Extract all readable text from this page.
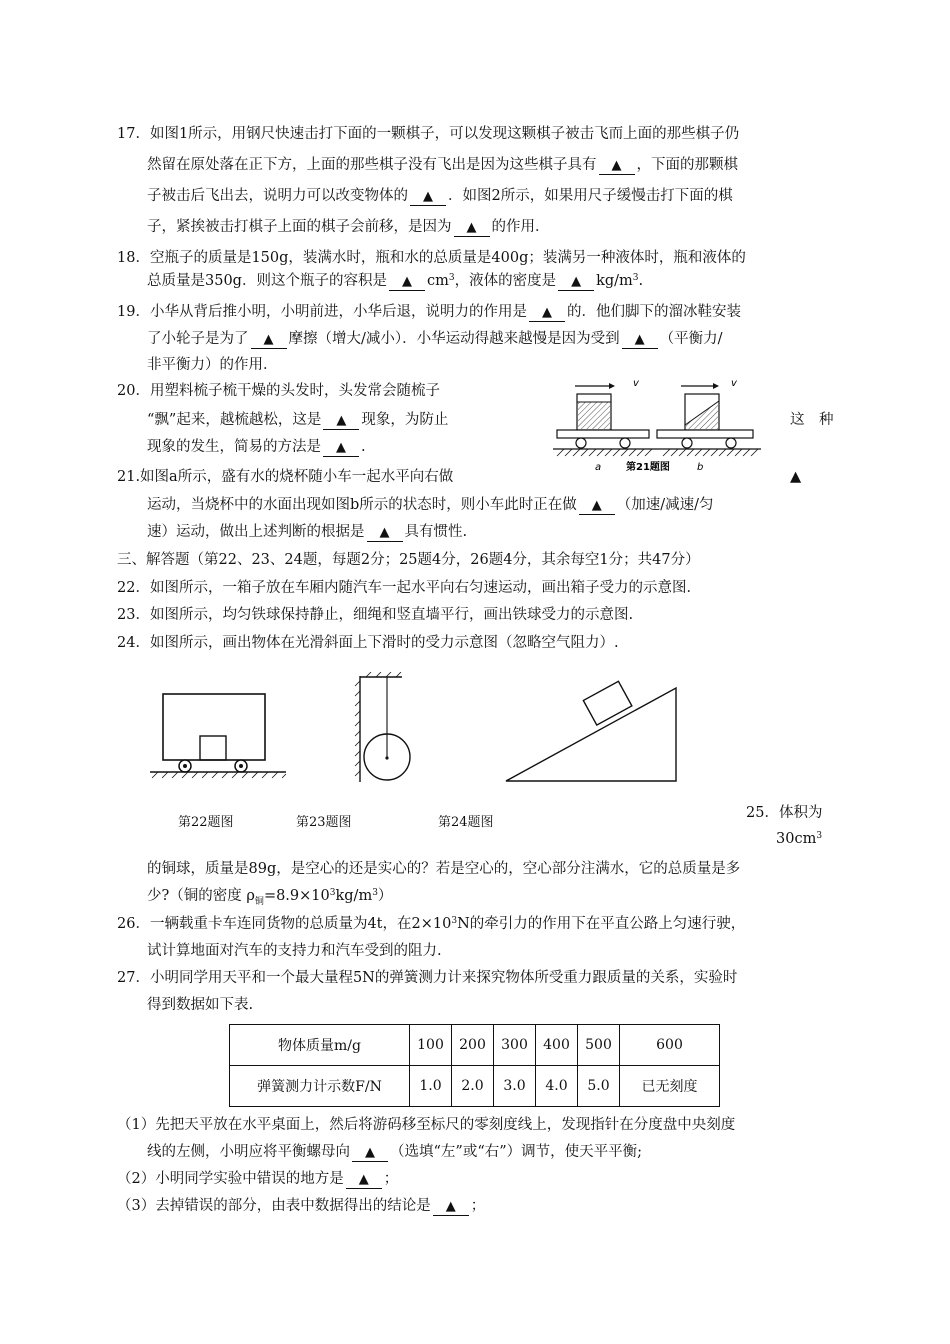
17．如图1所示，用钢尺快速击打下面的一颗棋子，可以发现这颗棋子被击飞而上面的那些棋子仍
然留在原处落在正下方，上面的那些棋子没有飞出是因为这些棋子具有 ▲ ，下面的那颗棋
子被击后飞出去，说明力可以改变物体的 ▲ ．如图2所示，如果用尺子缓慢击打下面的棋
子，紧挨被击打棋子上面的棋子会前移，是因为 ▲ 的作用．
18．空瓶子的质量是150g，装满水时，瓶和水的总质量是400g；装满另一种液体时，瓶和液体的
总质量是350g．则这个瓶子的容积是 ▲ $cm^3$，液体的密度是 ▲ $kg/m^3$.
19．小华从背后推小明，小明前进，小华后退，说明力的作用是 ▲ 的．他们脚下的溜冰鞋安装
了小轮子是为了 ▲ 摩擦（增大/减小）．小华运动得越来越慢是因为受到 ▲ （平衡力/
非平衡力）的作用．
20．用塑料梳子梳干燥的头发时，头发常会随梳子
“飘”起来，越梳越松，这是 ▲ 现象，为防止	这　种
现象的发生，简易的方法是 ▲ .
21.如图a所示，盛有水的烧杯随小车一起水平向右做	▲
运动，当烧杯中的水面出现如图b所示的状态时，则小车此时正在做 ▲ （加速/减速/匀
速）运动，做出上述判断的根据是 ▲ 具有惯性.
v
a
v
b
第21题图
三、解答题（第22、23、24题，每题2分；25题4分，26题4分，其余每空1分；共47分）
22．如图所示，一箱子放在车厢内随汽车一起水平向右匀速运动，画出箱子受力的示意图．
23．如图所示，均匀铁球保持静止，细绳和竖直墙平行，画出铁球受力的示意图.
24．如图所示，画出物体在光滑斜面上下滑时的受力示意图（忽略空气阻力）.
第22题图	第23题图	第24题图
25．体积为
$30cm^3$
的铜球，质量是89g，是空心的还是实心的？若是空心的，空心部分注满水，它的总质量是多
少?（铜的密度 $\rho_铜=8.9\times 10^3kg/m^3$）
26．一辆载重卡车连同货物的总质量为4t，在$2\times 10^3N$的牵引力的作用下在平直公路上匀速行驶，
试计算地面对汽车的支持力和汽车受到的阻力.
27．小明同学用天平和一个最大量程5N的弹簧测力计来探究物体所受重力跟质量的关系，实验时
得到数据如下表.
物体质量m/g	100	200	300	400	500	600
弹簧测力计示数F/N	1.0	2.0	3.0	4.0	5.0	已无刻度
（1）先把天平放在水平桌面上，然后将游码移至标尺的零刻度线上，发现指针在分度盘中央刻度
线的左侧，小明应将平衡螺母向 ▲ （选填“左”或“右”）调节，使天平平衡;
（2）小明同学实验中错误的地方是 ▲ ；
（3）去掉错误的部分，由表中数据得出的结论是 ▲ ；
